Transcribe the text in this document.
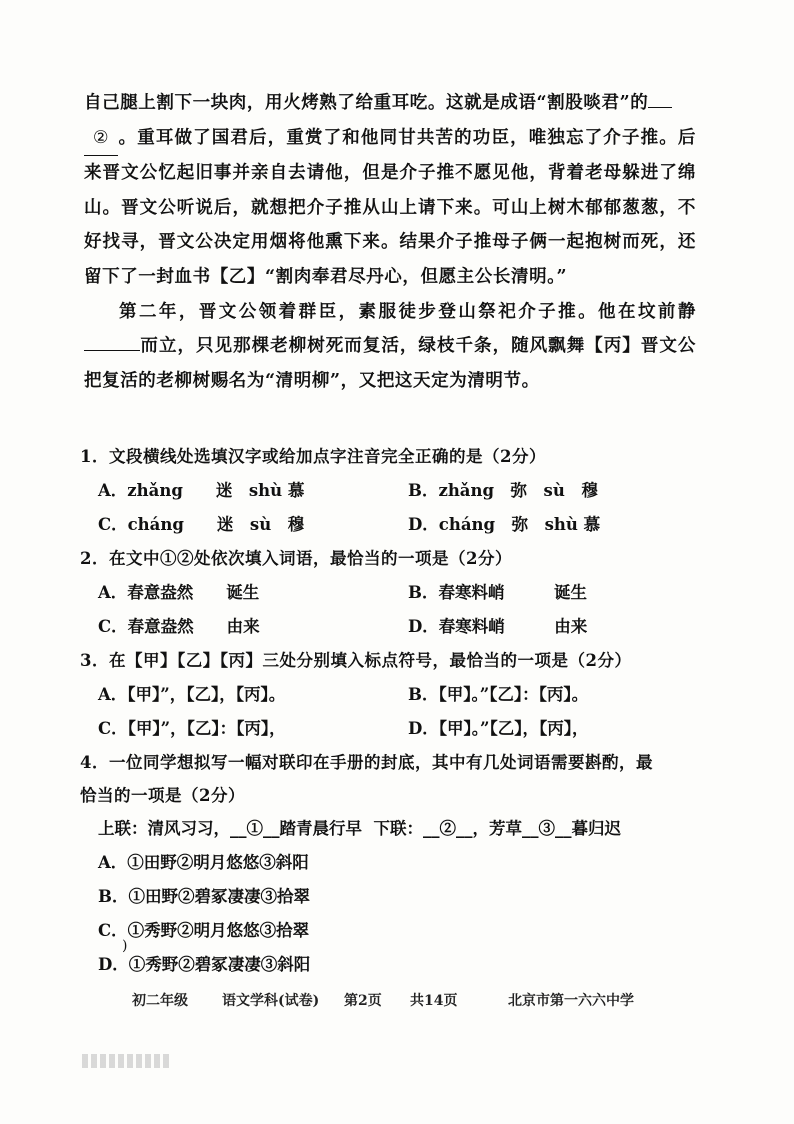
自己腿上割下一块肉，用火烤熟了给重耳吃。这就是成语“割股啖君”的
② 。重耳做了国君后，重赏了和他同甘共苦的功臣，唯独忘了介子推。后来晋文公忆起旧事并亲自去请他，但是介子推不愿见他，背着老母躲进了绵山。晋文公听说后，就想把介子推从山上请下来。可山上树木郁郁葱葱，不好找寻，晋文公决定用烟将他熏下来。结果介子推母子俩一起抱树而死，还留下了一封血书【乙】“割肉奉君尽丹心，但愿主公长清明。”

第二年，晋文公领着群臣，素服徒步登山祭祀介子推。他在坟前静而立，只见那棵老柳树死而复活，绿枝千条，随风飘舞【丙】晋文公把复活的老柳树赐名为“清明柳”，又把这天定为清明节。

1．文段横线处选填汉字或给加点字注音完全正确的是（2分）
A．zhǎng　　迷　shù 慕	B．zhǎng　弥　sù　穆
C．cháng　　迷　sù　穆	D．cháng　弥　shù 慕
2．在文中①②处依次填入词语，最恰当的一项是（2分）
A．春意盎然　　诞生	B．春寒料峭　　　诞生
C．春意盎然　　由来	D．春寒料峭　　　由来
3．在【甲】【乙】【丙】三处分别填入标点符号，最恰当的一项是（2分）
A．【甲】”，【乙】，【丙】。	B．【甲】。”【乙】：【丙】。
C．【甲】”，【乙】：【丙】，	D．【甲】。”【乙】，【丙】，
4．一位同学想拟写一幅对联印在手册的封底，其中有几处词语需要斟酌，最
恰当的一项是（2分）
上联：清风习习，__①__踏青晨行早  下联：__②__，芳草__③__暮归迟
A．①田野②明月悠悠③斜阳
B．①田野②碧冢凄凄③拾翠
C．①秀野②明月悠悠③拾翠
D．①秀野②碧冢凄凄③斜阳
)
初二年级 语文学科(试卷) 第2页 共14页	北京市第一六六中学
